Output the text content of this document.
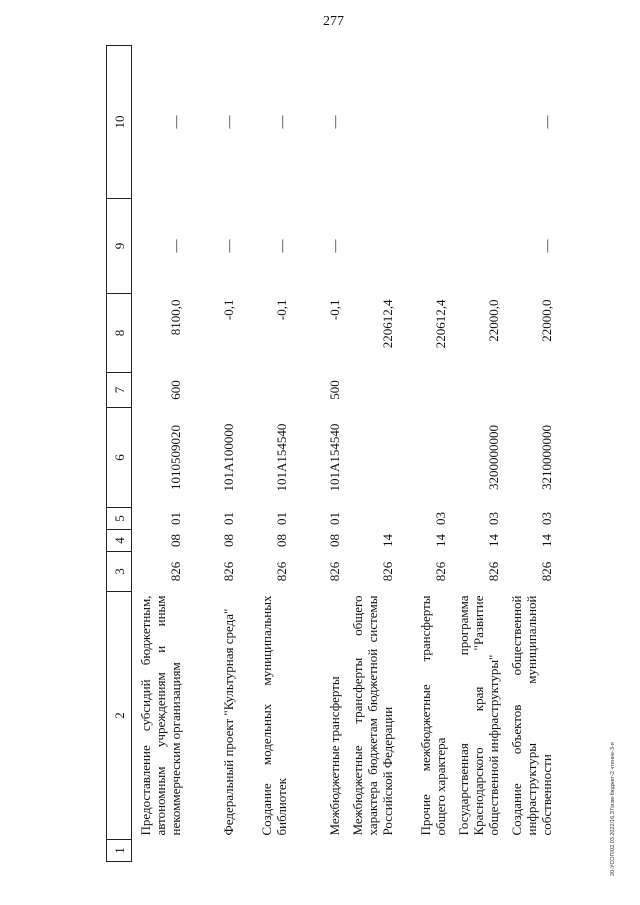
277
20-УСОП/02.03.2022/16.37/изм-бюджет-2 чтение-3-я
1	2	3	4	5	6	7	8	9	10
	Предоставление субсидий бюджетным, автономным учреждениям и иным некоммерческим организациям	826	08	01	1010509020	600	8100,0	—	—
	Федеральный проект "Культурная среда"	826	08	01	101А100000		-0,1	—	—
	Создание модельных муниципальных библиотек	826	08	01	101А154540		-0,1	—	—
	Межбюджетные трансферты	826	08	01	101А154540	500	-0,1	—	—
	Межбюджетные трансферты общего характера бюджетам бюджетной системы Российской Федерации	826	14				220612,4		
	Прочие межбюджетные трансферты общего характера	826	14	03			220612,4		
	Государственная программа Краснодарского края "Развитие общественной инфраструктуры"	826	14	03	3200000000		22000,0		
	Создание объектов общественной инфраструктуры муниципальной собственности	826	14	03	3210000000		22000,0	—	—
